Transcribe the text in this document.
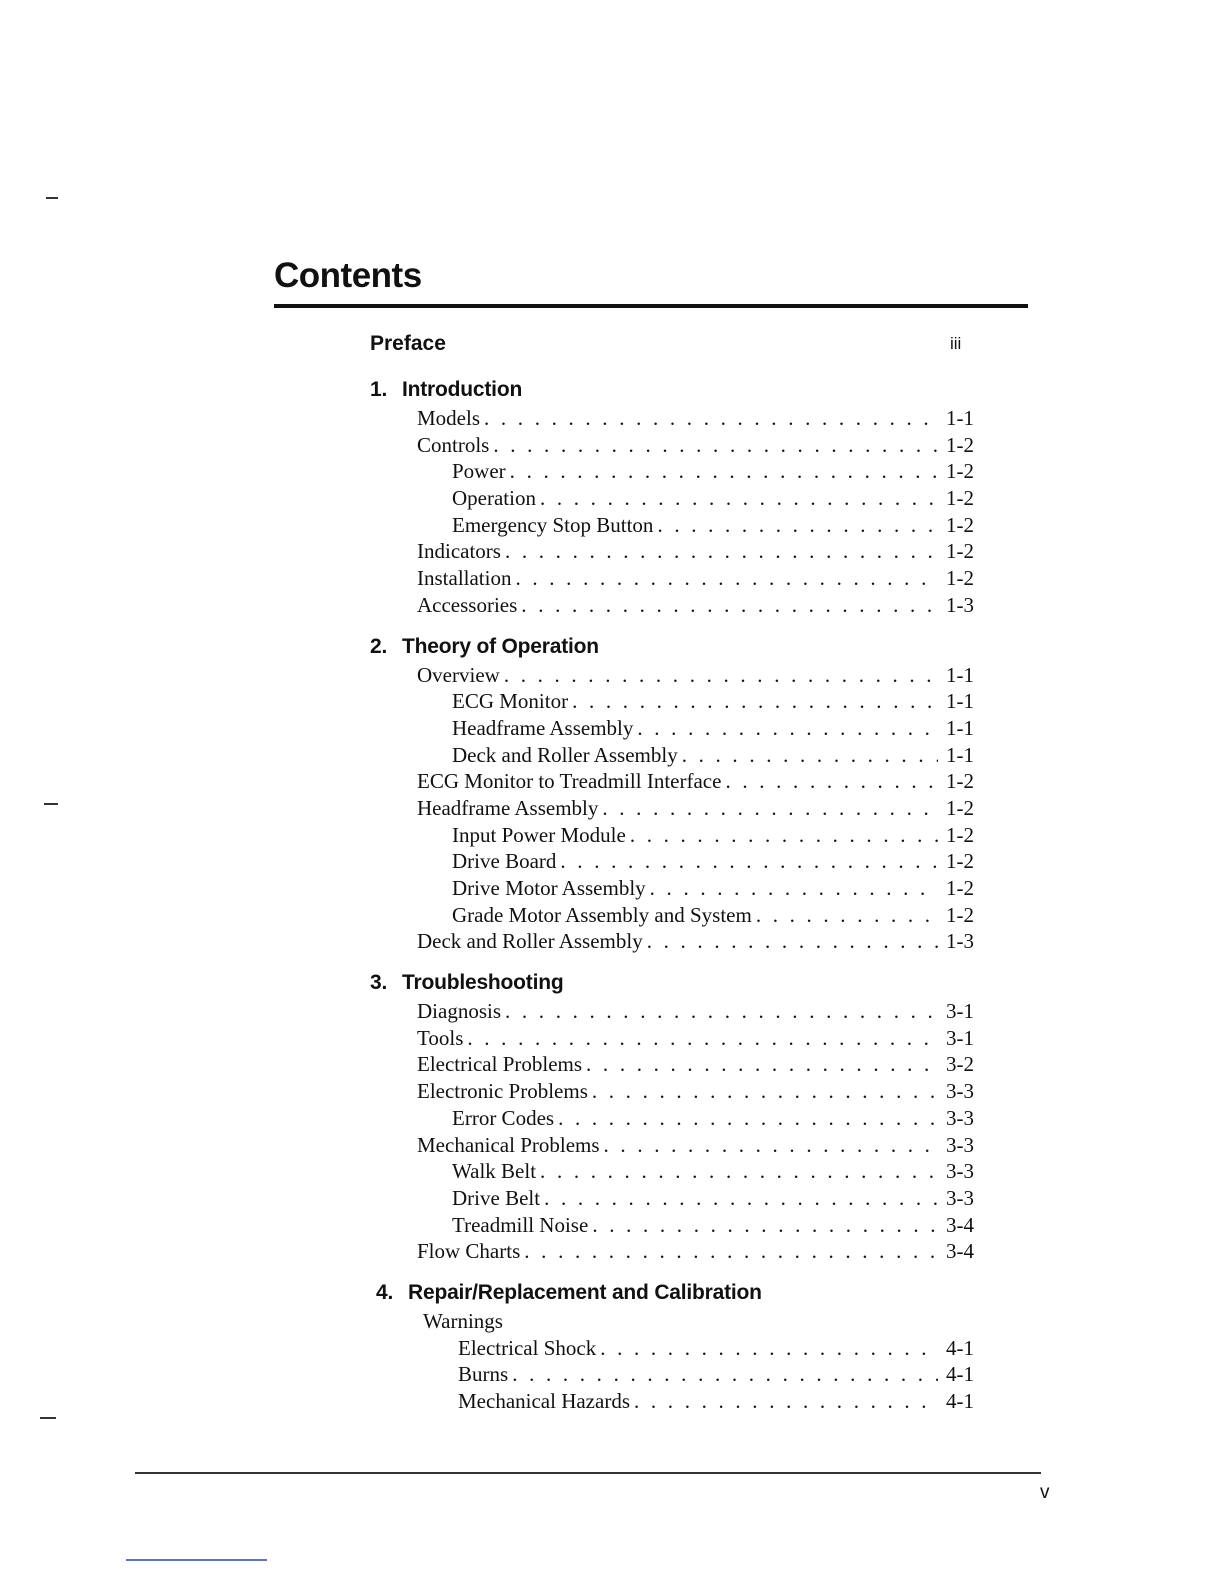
Contents
Preface	iii
1. Introduction
Models . . .	1-1
Controls . . .	1-2
Power . . .	1-2
Operation . . .	1-2
Emergency Stop Button . . .	1-2
Indicators . . .	1-2
Installation . . .	1-2
Accessories . . .	1-3
2. Theory of Operation
Overview . . .	1-1
ECG Monitor . . .	1-1
Headframe Assembly . . .	1-1
Deck and Roller Assembly . . .	1-1
ECG Monitor to Treadmill Interface . . .	1-2
Headframe Assembly . . .	1-2
Input Power Module . . .	1-2
Drive Board . . .	1-2
Drive Motor Assembly . . .	1-2
Grade Motor Assembly and System . . .	1-2
Deck and Roller Assembly . . .	1-3
3. Troubleshooting
Diagnosis . . .	3-1
Tools . . .	3-1
Electrical Problems . . .	3-2
Electronic Problems . . .	3-3
Error Codes . . .	3-3
Mechanical Problems . . .	3-3
Walk Belt . . .	3-3
Drive Belt . . .	3-3
Treadmill Noise . . .	3-4
Flow Charts . . .	3-4
4. Repair/Replacement and Calibration
Warnings
Electrical Shock . . .	4-1
Burns . . .	4-1
Mechanical Hazards . . .	4-1
v
